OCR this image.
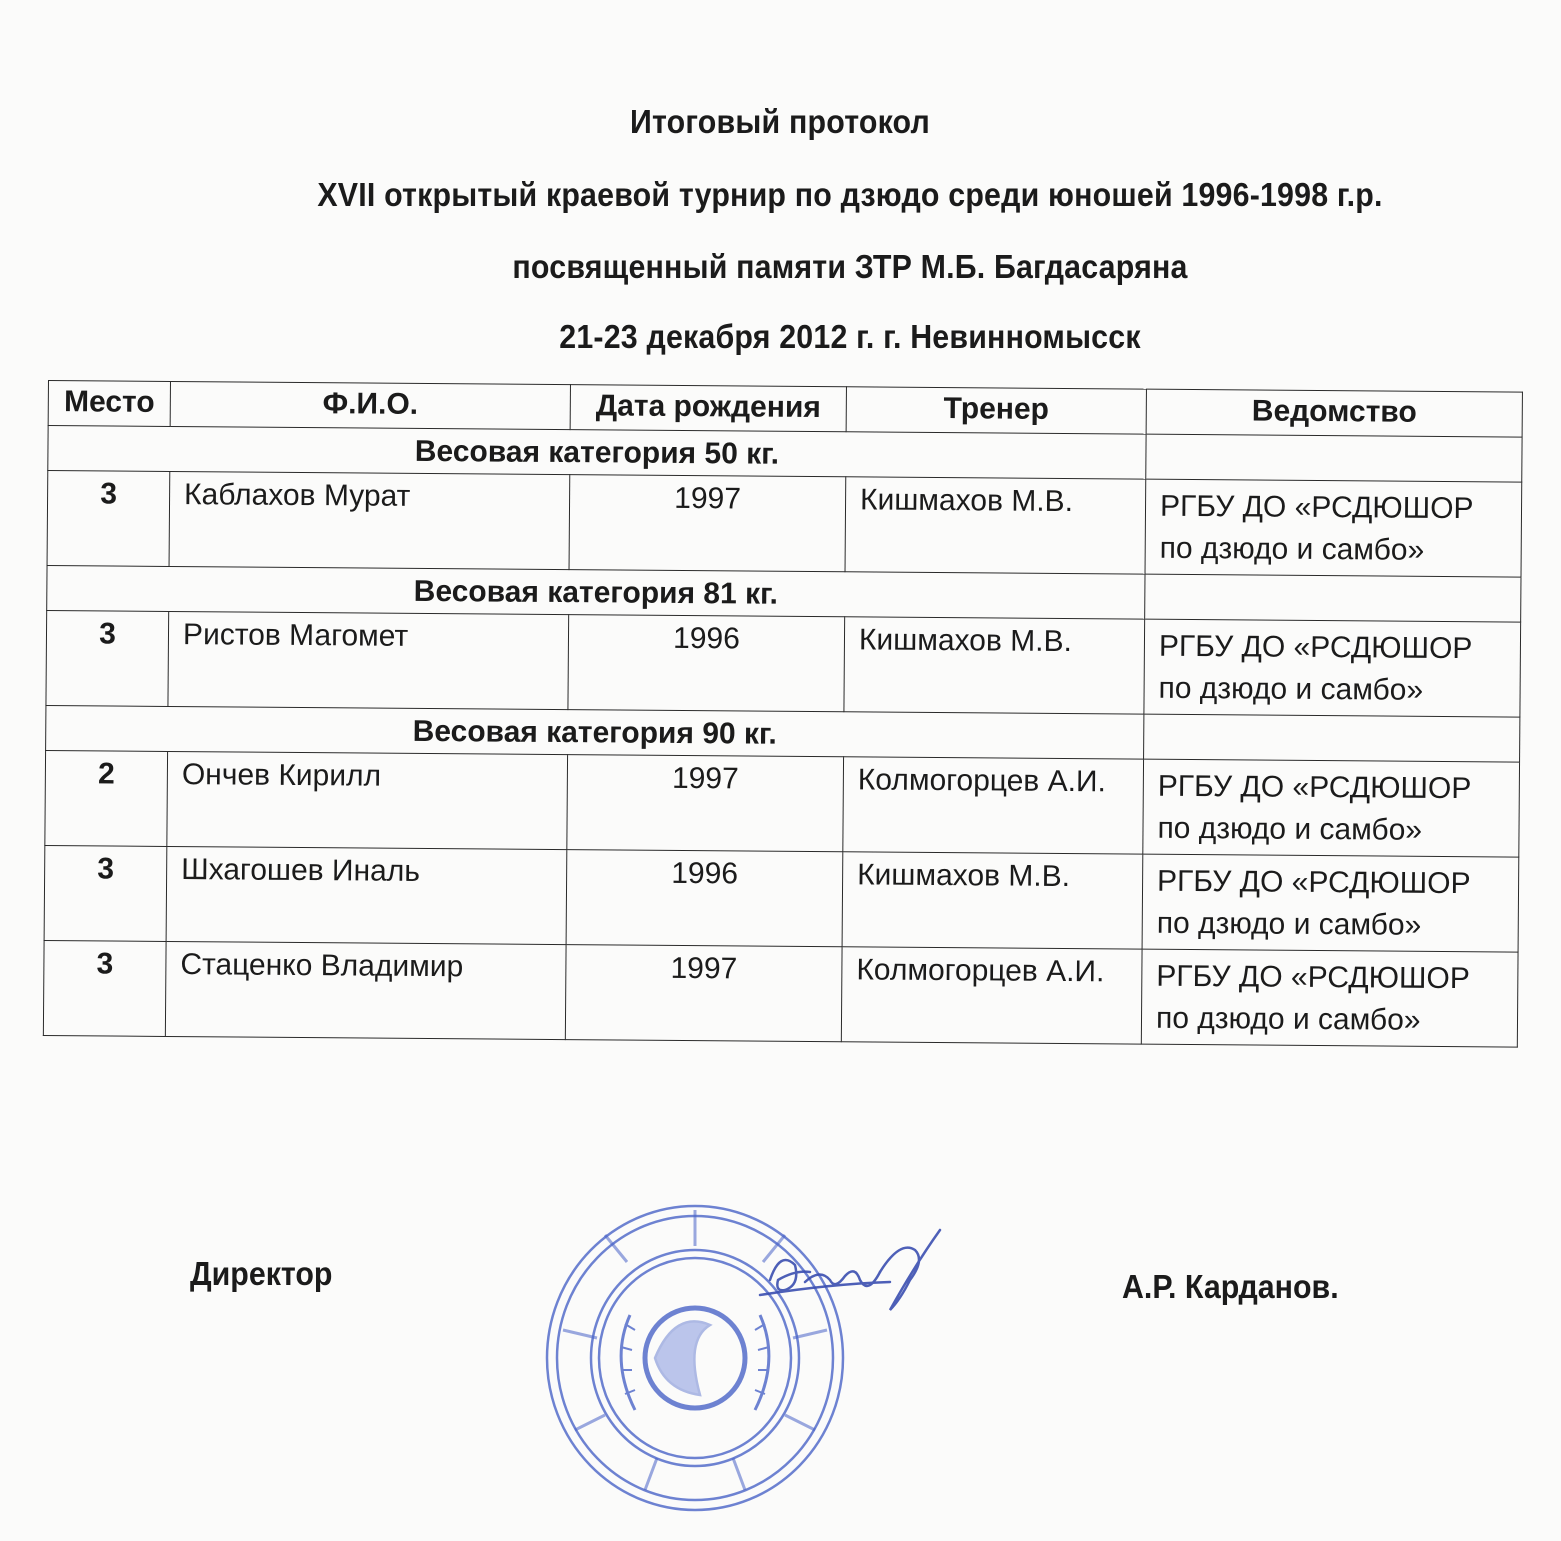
Итоговый протокол
XVII открытый краевой турнир по дзюдо среди юношей 1996-1998 г.р.
посвященный памяти ЗТР М.Б. Багдасаряна
21-23 декабря 2012 г. г. Невинномысск
Место	Ф.И.О.	Дата рождения	Тренер	Ведомство
Весовая категория 50 кг.				
3	Каблахов Мурат	1997	Кишмахов М.В.	РГБУ ДО «РСДЮШОР
по дзюдо и самбо»

Весовая категория 81 кг.				
3	Ристов Магомет	1996	Кишмахов М.В.	РГБУ ДО «РСДЮШОР
по дзюдо и самбо»

Весовая категория 90 кг.				
2	Ончев Кирилл	1997	Колмогорцев А.И.	РГБУ ДО «РСДЮШОР
по дзюдо и самбо»

3	Шхагошев Иналь	1996	Кишмахов М.В.	РГБУ ДО «РСДЮШОР
по дзюдо и самбо»

3	Стаценко Владимир	1997	Колмогорцев А.И.	РГБУ ДО «РСДЮШОР
по дзюдо и самбо»
Директор	А.Р. Карданов.
